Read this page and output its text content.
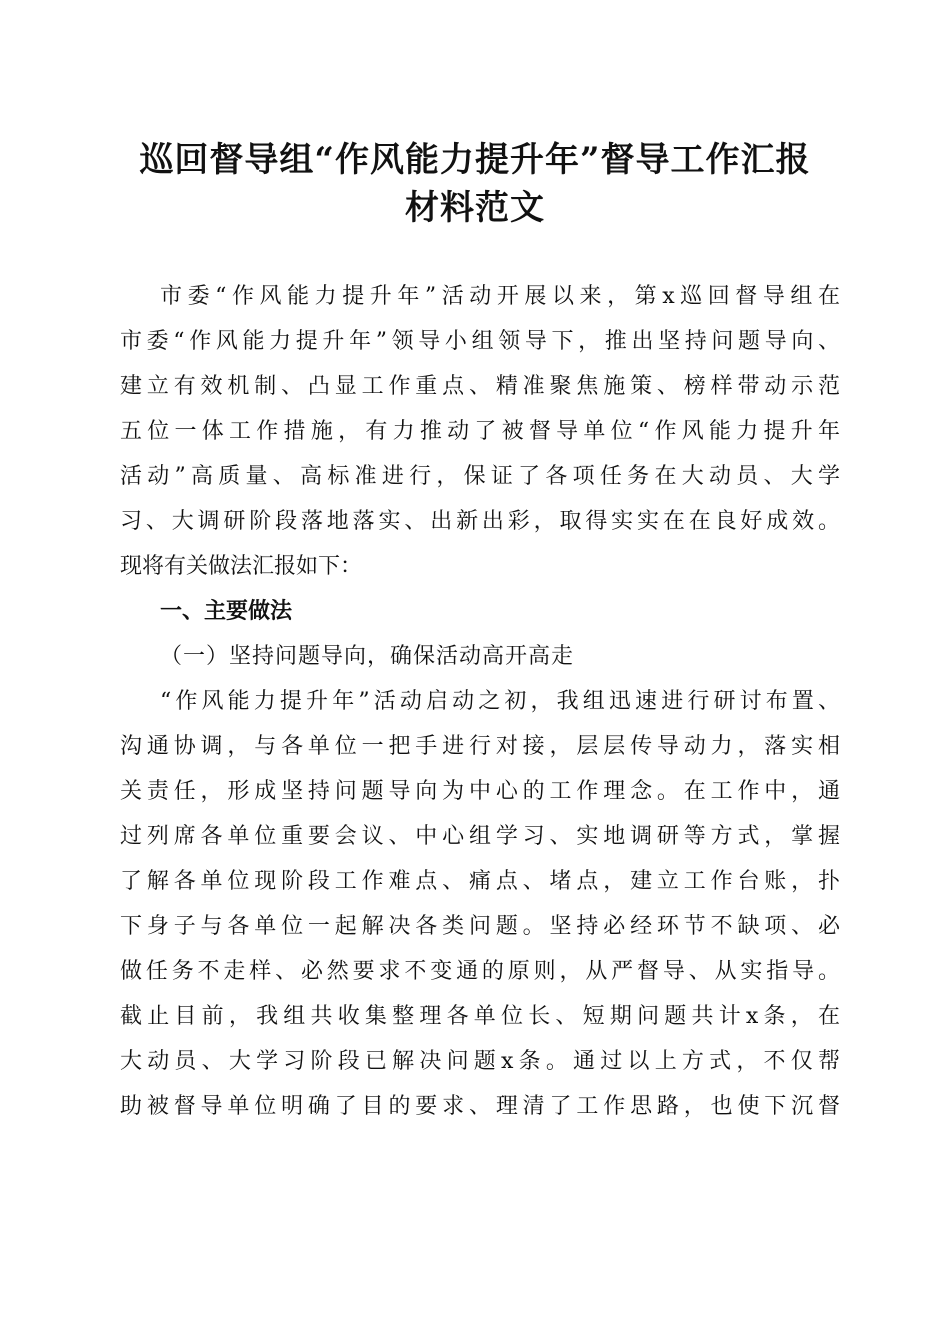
巡回督导组“作风能力提升年”督导工作汇报
材料范文
市委“作风能力提升年”活动开展以来，第x巡回督导组在
市委“作风能力提升年”领导小组领导下，推出坚持问题导向、
建立有效机制、凸显工作重点、精准聚焦施策、榜样带动示范
五位一体工作措施，有力推动了被督导单位“作风能力提升年
活动”高质量、高标准进行，保证了各项任务在大动员、大学
习、大调研阶段落地落实、出新出彩，取得实实在在良好成效。
现将有关做法汇报如下：
一、主要做法
（一）坚持问题导向，确保活动高开高走
“作风能力提升年”活动启动之初，我组迅速进行研讨布置、
沟通协调，与各单位一把手进行对接，层层传导动力，落实相
关责任，形成坚持问题导向为中心的工作理念。在工作中，通
过列席各单位重要会议、中心组学习、实地调研等方式，掌握
了解各单位现阶段工作难点、痛点、堵点，建立工作台账，扑
下身子与各单位一起解决各类问题。坚持必经环节不缺项、必
做任务不走样、必然要求不变通的原则，从严督导、从实指导。
截止目前，我组共收集整理各单位长、短期问题共计x条，在
大动员、大学习阶段已解决问题x条。通过以上方式，不仅帮
助被督导单位明确了目的要求、理清了工作思路，也使下沉督
